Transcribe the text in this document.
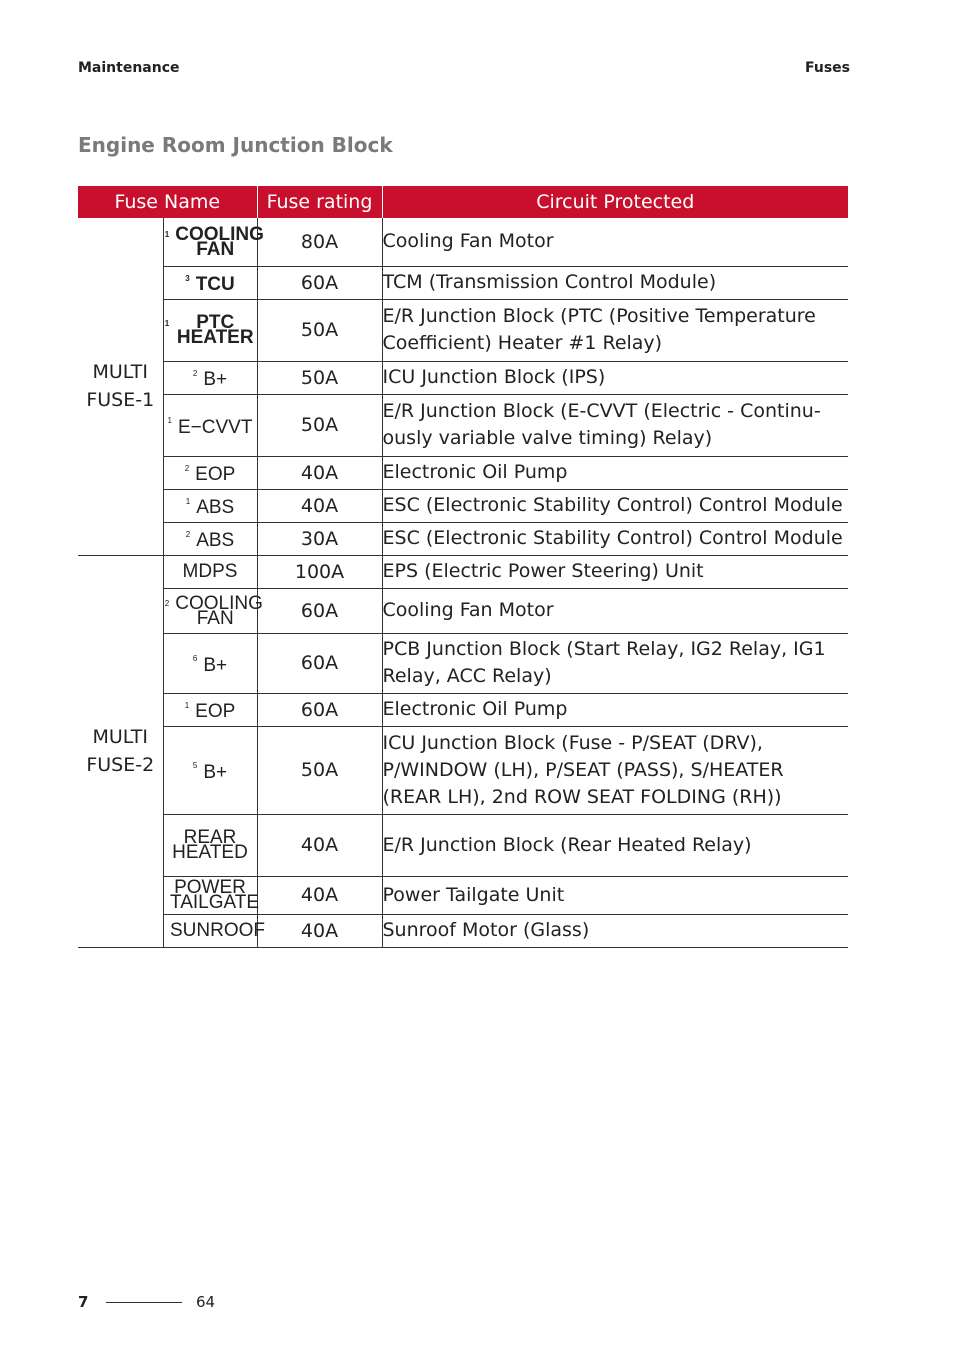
Maintenance	Fuses
Engine Room Junction Block
Fuse Name		Fuse rating	Circuit Protected

MULTI
FUSE-1	$^1$ COOLING FAN	80A	Cooling Fan Motor
	$^3$ TCU	60A	TCM (Transmission Control Module)
	$^1$ PTC HEATER	50A	E/R Junction Block (PTC (Positive Temperature Coefficient) Heater #1 Relay)
	$^2$ B+	50A	ICU Junction Block (IPS)
	$^1$ E−CVVT	50A	E/R Junction Block (E-CVVT (Electric - Continu-ously variable valve timing) Relay)
	$^2$ EOP	40A	Electronic Oil Pump
	$^1$ ABS	40A	ESC (Electronic Stability Control) Control Module
	$^2$ ABS	30A	ESC (Electronic Stability Control) Control Module

MULTI
FUSE-2	MDPS	100A	EPS (Electric Power Steering) Unit
	$^2$ COOLING FAN	60A	Cooling Fan Motor
	$^6$ B+	60A	PCB Junction Block (Start Relay, IG2 Relay, IG1 Relay, ACC Relay)
	$^1$ EOP	60A	Electronic Oil Pump
	$^5$ B+	50A	ICU Junction Block (Fuse - P/SEAT (DRV), P/WINDOW (LH), P/SEAT (PASS), S/HEATER (REAR LH), 2nd ROW SEAT FOLDING (RH))
	REAR HEATED	40A	E/R Junction Block (Rear Heated Relay)
	POWER TAILGATE	40A	Power Tailgate Unit
	SUNROOF	40A	Sunroof Motor (Glass)
7	64
